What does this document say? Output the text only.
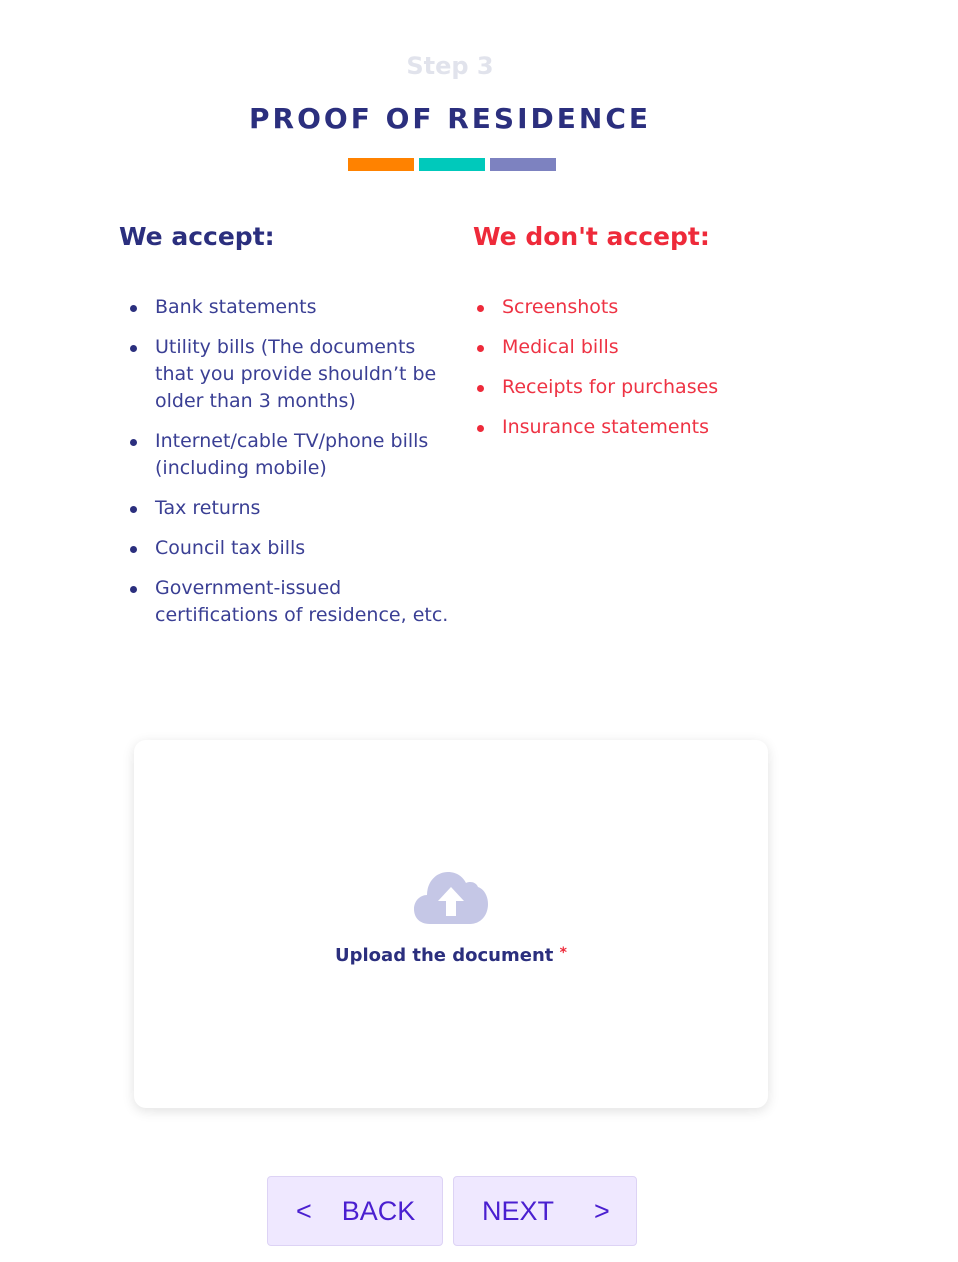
Step 3
PROOF OF RESIDENCE
We accept:
Bank statements
Utility bills (The documents that you provide shouldn’t be older than 3 months)
Internet/cable TV/phone bills (including mobile)
Tax returns
Council tax bills
Government-issued certifications of residence, etc.
We don't accept:
Screenshots
Medical bills
Receipts for purchases
Insurance statements
Upload the document *
< BACK NEXT >
